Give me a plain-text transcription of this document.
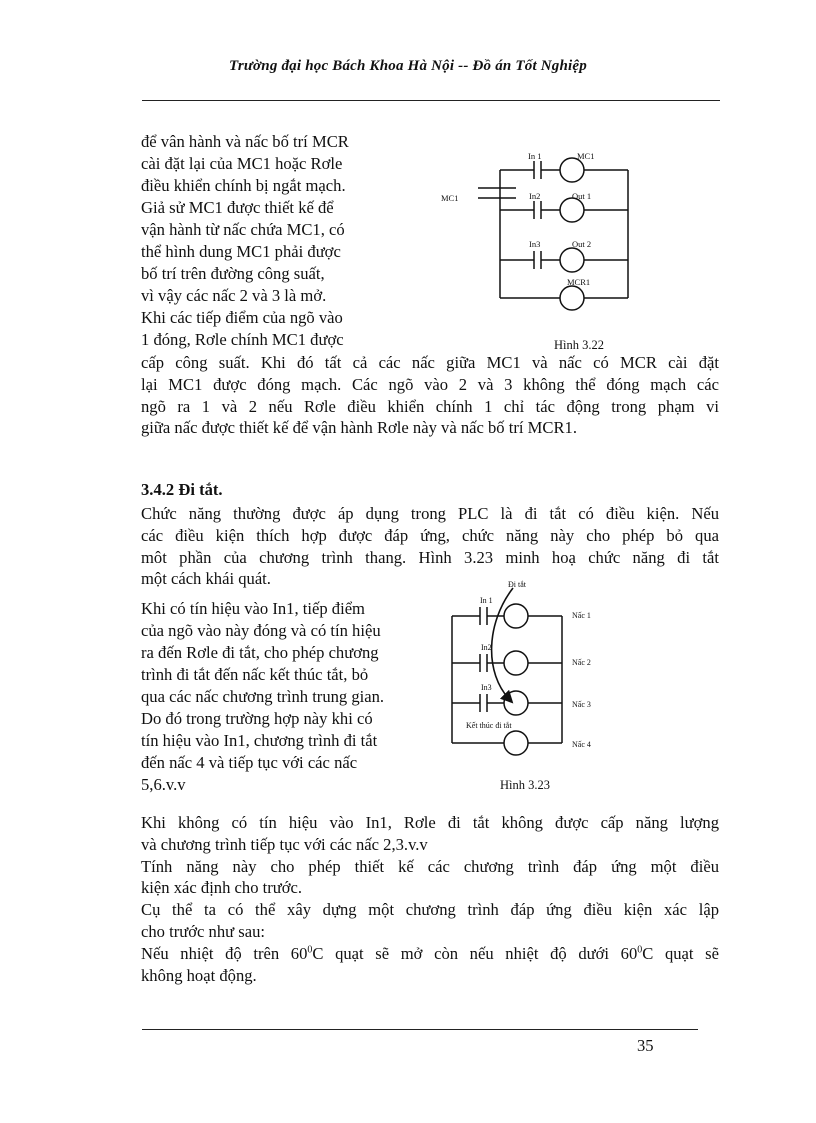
Trường đại học Bách Khoa Hà Nội -- Đồ án Tốt Nghiệp
để vân hành và nấc bố trí MCR
cài đặt lại của MC1 hoặc Rơle
điều khiển chính bị ngắt mạch.
Giả sử MC1 được thiết kế để
vận hành từ nấc chứa MC1, có
thể hình dung MC1 phải được
bố trí trên đường công suất,
vì vậy các nấc 2 và 3 là mở.
Khi các tiếp điểm của ngõ vào
1 đóng, Rơle chính MC1 được
cấp công suất. Khi đó tất cả các nấc giữa MC1 và nấc có MCR cài đặt
lại MC1 được đóng mạch. Các ngõ vào 2 và 3 không thể đóng mạch các
ngõ ra 1 và 2 nếu Rơle điều khiển chính 1 chỉ tác động trong phạm vi
giữa nấc được thiết kế để vận hành Rơle này và nấc bố trí MCR1.
MC1
In 1	MC1
In2	Out 1
In3	Out 2
MCR1
Hình 3.22
3.4.2 Đi tắt.
Chức năng thường được áp dụng trong PLC là đi tắt có điều kiện. Nếu
các điều kiện thích hợp được đáp ứng, chức năng này cho phép bỏ qua
môt phần của chương trình thang. Hình 3.23 minh hoạ chức năng đi tắt
một cách khái quát.
Khi có tín hiệu vào In1, tiếp điểm
của ngõ vào này đóng và có tín hiệu
ra đến Rơle đi tắt, cho phép chương
trình đi tắt đến nấc kết thúc tắt, bỏ
qua các nấc chương trình trung gian.
Do đó trong trường hợp này khi có
tín hiệu vào In1, chương trình đi tắt
đến nấc 4 và tiếp tục với các nấc
5,6.v.v
Đi tắt
In 1
In2
In3
Kết thúc đi tắt
Nấc 1
Nấc 2
Nấc 3
Nấc 4
Hình 3.23
Khi không có tín hiệu vào In1, Rơle đi tắt không được cấp năng lượng
và chương trình tiếp tục với các nấc 2,3.v.v
Tính năng này cho phép thiết kế các chương trình đáp ứng một điều
kiện xác định cho trước.
Cụ thể ta có thể xây dựng một chương trình đáp ứng điều kiện xác lập
cho trước như sau:
Nếu nhiệt độ trên $60^0C$ quạt sẽ mở còn nếu nhiệt độ dưới $60^0C$ quạt sẽ
không hoạt động.
35
